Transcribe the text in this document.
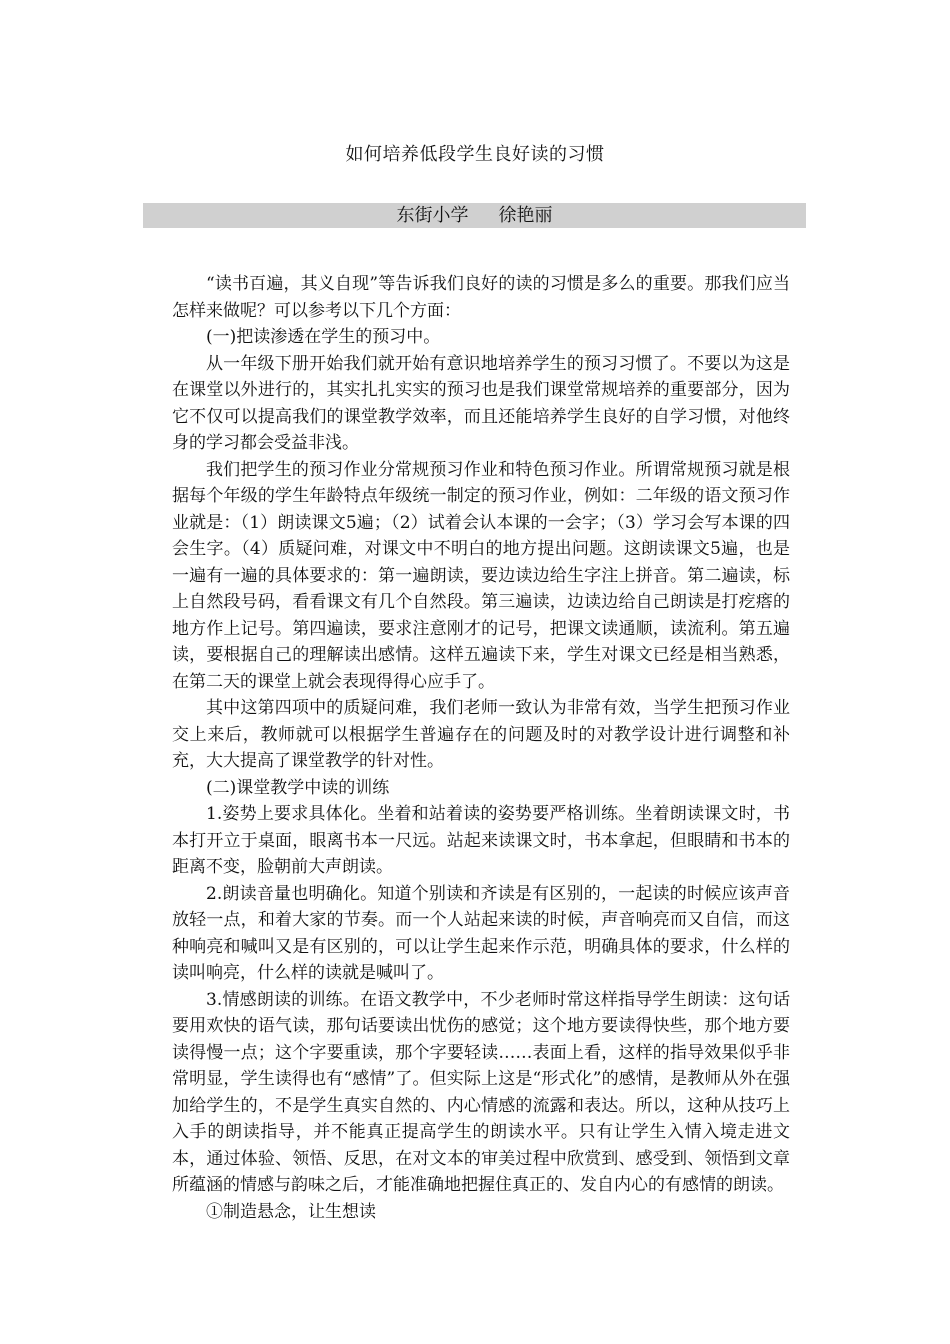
如何培养低段学生良好读的习惯
东街小学 徐艳丽

“读书百遍，其义自现”等告诉我们良好的读的习惯是多么的重要。那我们应当怎样来做呢？可以参考以下几个方面：

(一)把读渗透在学生的预习中。

从一年级下册开始我们就开始有意识地培养学生的预习习惯了。不要以为这是在课堂以外进行的，其实扎扎实实的预习也是我们课堂常规培养的重要部分，因为它不仅可以提高我们的课堂教学效率，而且还能培养学生良好的自学习惯，对他终身的学习都会受益非浅。

我们把学生的预习作业分常规预习作业和特色预习作业。所谓常规预习就是根据每个年级的学生年龄特点年级统一制定的预习作业，例如：二年级的语文预习作业就是：（1）朗读课文5遍；（2）试着会认本课的一会字；（3）学习会写本课的四会生字。（4）质疑问难，对课文中不明白的地方提出问题。这朗读课文5遍，也是一遍有一遍的具体要求的：第一遍朗读，要边读边给生字注上拼音。第二遍读，标上自然段号码，看看课文有几个自然段。第三遍读，边读边给自己朗读是打疙瘩的地方作上记号。第四遍读，要求注意刚才的记号，把课文读通顺，读流利。第五遍读，要根据自己的理解读出感情。这样五遍读下来，学生对课文已经是相当熟悉，在第二天的课堂上就会表现得得心应手了。

其中这第四项中的质疑问难，我们老师一致认为非常有效，当学生把预习作业交上来后，教师就可以根据学生普遍存在的问题及时的对教学设计进行调整和补充，大大提高了课堂教学的针对性。

(二)课堂教学中读的训练

1.姿势上要求具体化。坐着和站着读的姿势要严格训练。坐着朗读课文时，书本打开立于桌面，眼离书本一尺远。站起来读课文时，书本拿起，但眼睛和书本的距离不变，脸朝前大声朗读。

2.朗读音量也明确化。知道个别读和齐读是有区别的，一起读的时候应该声音放轻一点，和着大家的节奏。而一个人站起来读的时候，声音响亮而又自信，而这种响亮和喊叫又是有区别的，可以让学生起来作示范，明确具体的要求，什么样的读叫响亮，什么样的读就是喊叫了。

3.情感朗读的训练。在语文教学中，不少老师时常这样指导学生朗读：这句话要用欢快的语气读，那句话要读出忧伤的感觉；这个地方要读得快些，那个地方要读得慢一点；这个字要重读，那个字要轻读……表面上看，这样的指导效果似乎非常明显，学生读得也有“感情”了。但实际上这是“形式化”的感情，是教师从外在强加给学生的，不是学生真实自然的、内心情感的流露和表达。所以，这种从技巧上入手的朗读指导，并不能真正提高学生的朗读水平。只有让学生入情入境走进文本，通过体验、领悟、反思，在对文本的审美过程中欣赏到、感受到、领悟到文章所蕴涵的情感与韵味之后，才能准确地把握住真正的、发自内心的有感情的朗读。

①制造悬念，让生想读
